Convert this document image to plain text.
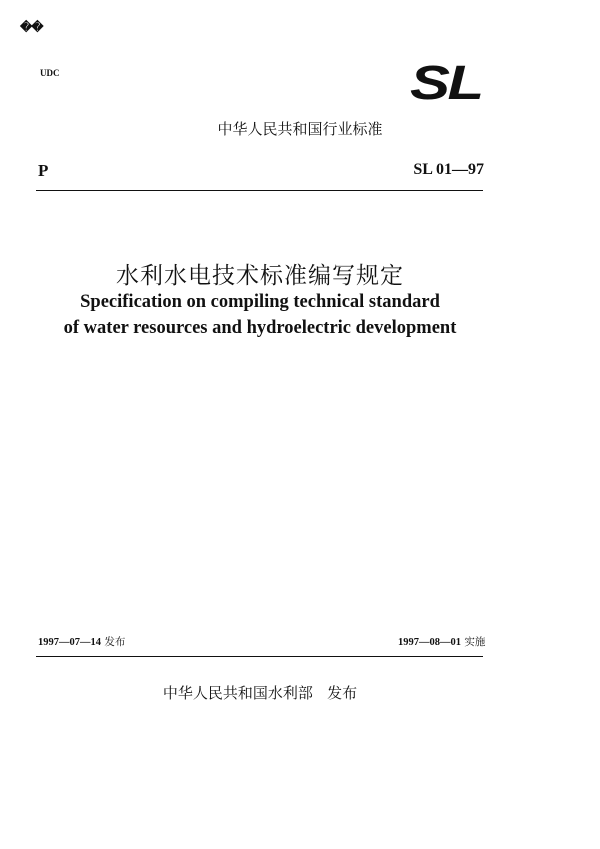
��
UDC	SL
中华人民共和国行业标准
P	SL 01—97
水利水电技术标准编写规定
Specification on compiling technical standard
of water resources and hydroelectric development
1997—07—14 发布	1997—08—01 实施
中华人民共和国水利部 发布
